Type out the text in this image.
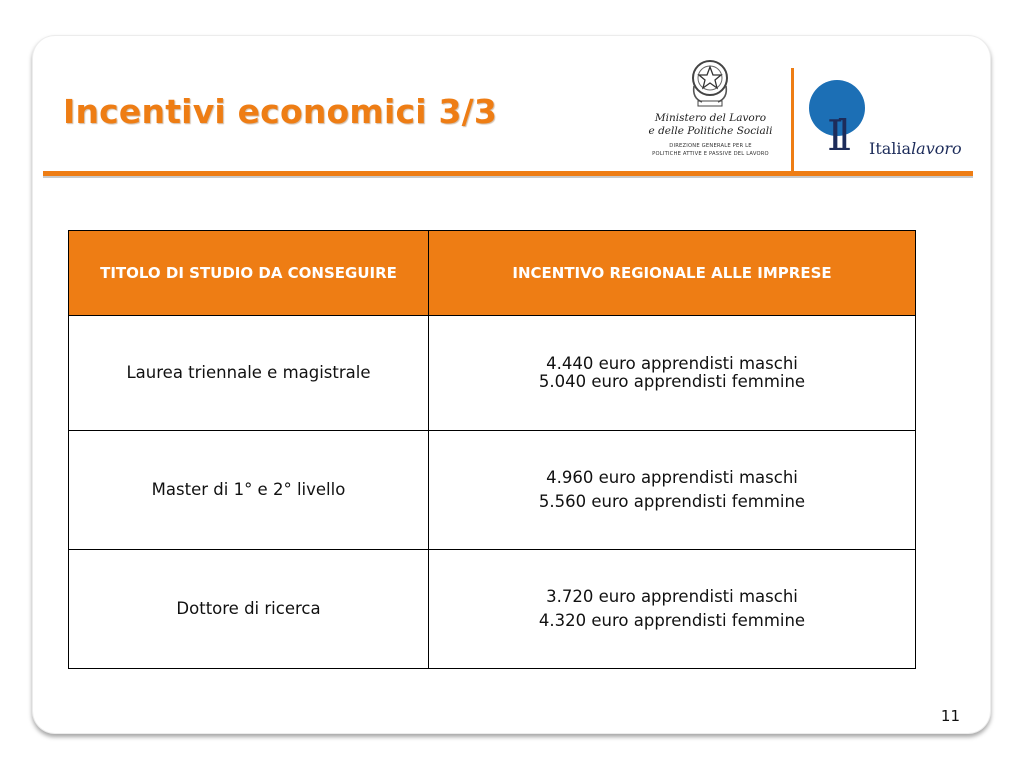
Incentivi economici 3/3	Ministero del Lavoro
e delle Politiche Sociali
DIREZIONE GENERALE PER LE
POLITICHE ATTIVE E PASSIVE DEL LAVORO	Il Italialavoro
TITOLO DI STUDIO DA CONSEGUIRE	INCENTIVO REGIONALE ALLE IMPRESE
Laurea triennale e magistrale	4.440 euro apprendisti maschi
5.040 euro apprendisti femmine

Master di 1° e 2° livello	4.960 euro apprendisti maschi
5.560 euro apprendisti femmine

Dottore di ricerca	3.720 euro apprendisti maschi
4.320 euro apprendisti femmine
11
